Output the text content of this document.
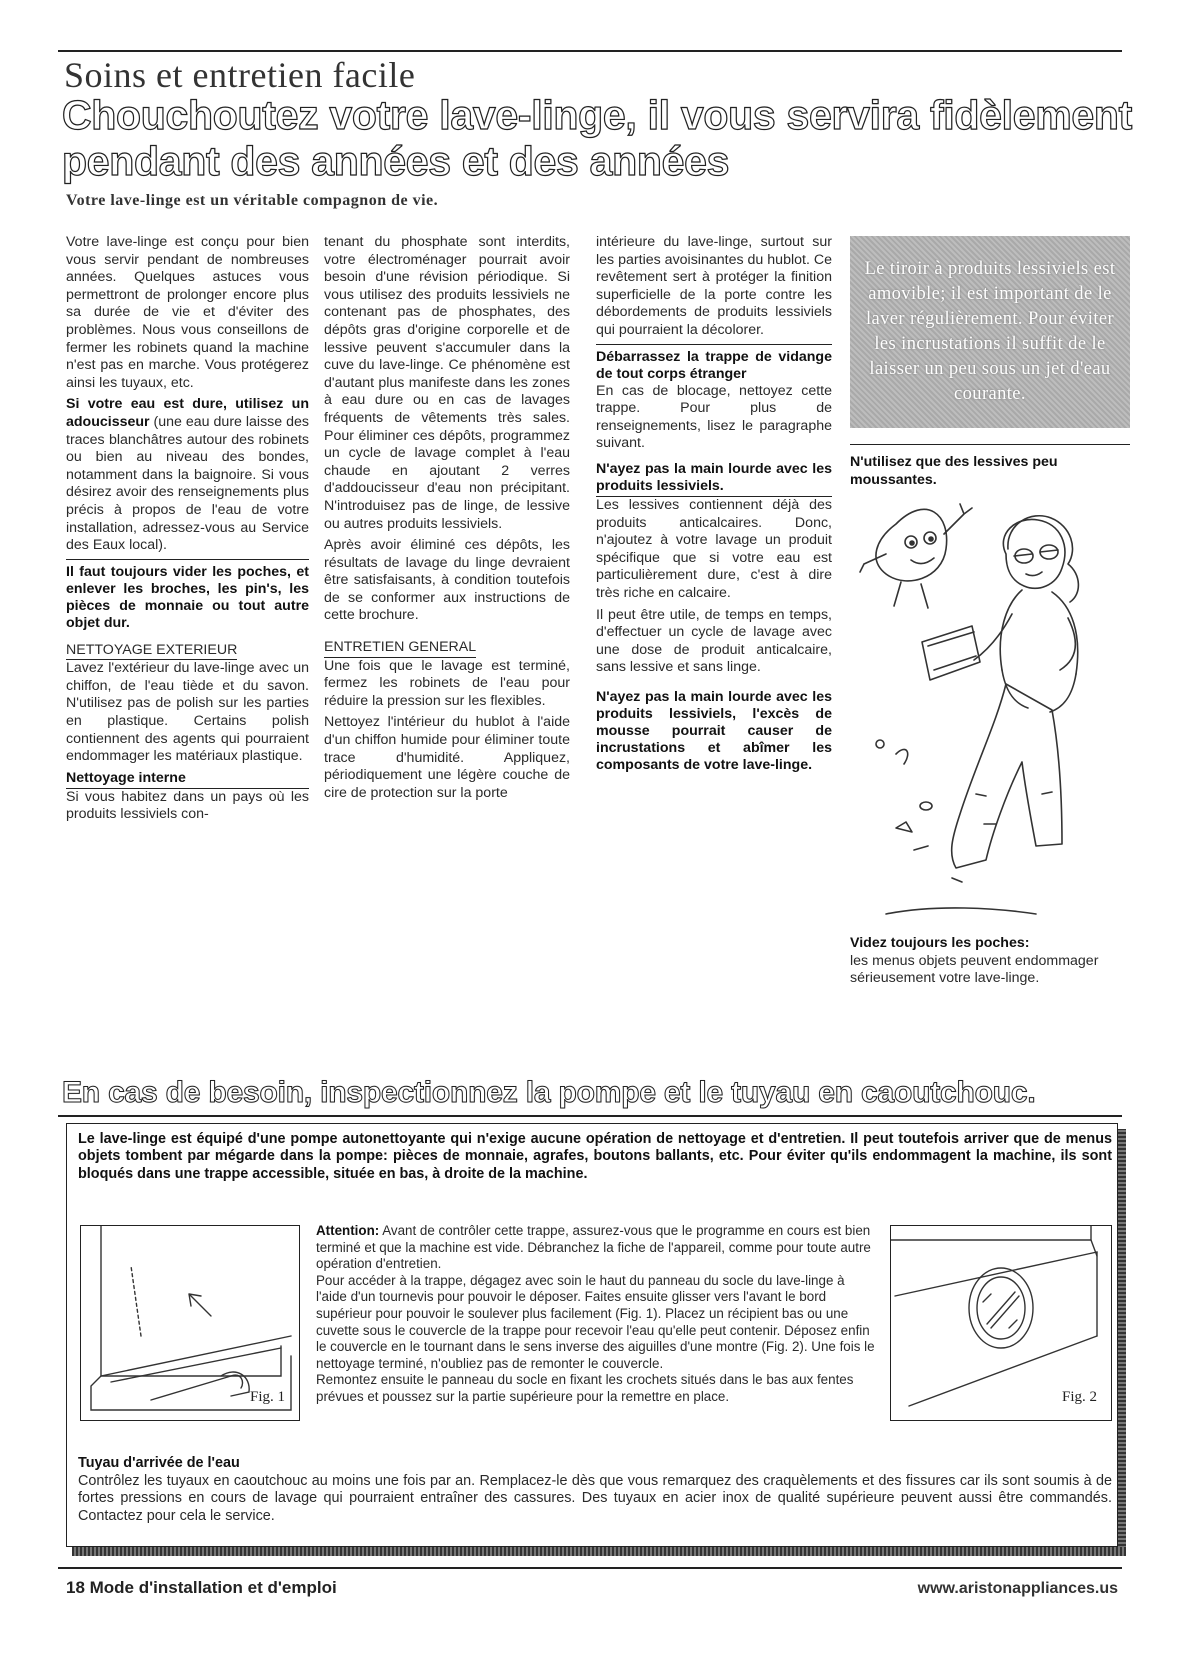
Soins et entretien facile
Chouchoutez votre lave-linge, il vous servira fidèlement pendant des années et des années
Votre lave-linge est un véritable compagnon de vie.

Votre lave-linge est conçu pour bien vous servir pendant de nombreuses années. Quelques astuces vous permettront de prolonger encore plus sa durée de vie et d'éviter des problèmes. Nous vous conseillons de fermer les robinets quand la machine n'est pas en marche. Vous protégerez ainsi les tuyaux, etc.

Si votre eau est dure, utilisez un adoucisseur (une eau dure laisse des traces blanchâtres autour des robinets ou bien au niveau des bondes, notamment dans la baignoire. Si vous désirez avoir des renseignements plus précis à propos de l'eau de votre installation, adressez-vous au Service des Eaux local).

Il faut toujours vider les poches, et enlever les broches, les pin's, les pièces de monnaie ou tout autre objet dur.
NETTOYAGE EXTERIEUR

Lavez l'extérieur du lave-linge avec un chiffon, de l'eau tiède et du savon. N'utilisez pas de polish sur les parties en plastique. Certains polish contiennent des agents qui pourraient endommager les matériaux plastique.

Nettoyage interne

Si vous habitez dans un pays où les produits lessiviels con-

tenant du phosphate sont interdits, votre électroménager pourrait avoir besoin d'une révision périodique. Si vous utilisez des produits lessiviels ne contenant pas de phosphates, des dépôts gras d'origine corporelle et de lessive peuvent s'accumuler dans la cuve du lave-linge. Ce phénomène est d'autant plus manifeste dans les zones à eau dure ou en cas de lavages fréquents de vêtements très sales. Pour éliminer ces dépôts, programmez un cycle de lavage complet à l'eau chaude en ajoutant 2 verres d'addoucisseur d'eau non précipitant. N'introduisez pas de linge, de lessive ou autres produits lessiviels.

Après avoir éliminé ces dépôts, les résultats de lavage du linge devraient être satisfaisants, à condition toutefois de se conformer aux instructions de cette brochure.

ENTRETIEN GENERAL

Une fois que le lavage est terminé, fermez les robinets de l'eau pour réduire la pression sur les flexibles.

Nettoyez l'intérieur du hublot à l'aide d'un chiffon humide pour éliminer toute trace d'humidité. Appliquez, périodiquement une légère couche de cire de protection sur la porte

intérieure du lave-linge, surtout sur les parties avoisinantes du hublot. Ce revêtement sert à protéger la finition superficielle de la porte contre les débordements de produits lessiviels qui pourraient la décolorer.

Débarrassez la trappe de vidange de tout corps étranger

En cas de blocage, nettoyez cette trappe. Pour plus de renseignements, lisez le paragraphe suivant.

N'ayez pas la main lourde avec les produits lessiviels.

Les lessives contiennent déjà des produits anticalcaires. Donc, n'ajoutez à votre lavage un produit spécifique que si votre eau est particulièrement dure, c'est à dire très riche en calcaire.

Il peut être utile, de temps en temps, d'effectuer un cycle de lavage avec une dose de produit anticalcaire, sans lessive et sans linge.

N'ayez pas la main lourde avec les produits lessiviels, l'excès de mousse pourrait causer de incrustations et abîmer les composants de votre lave-linge.
Le tiroir à produits lessiviels est amovible; il est important de le laver régulièrement. Pour éviter les incrustations il suffit de le laisser un peu sous un jet d'eau courante.
N'utilisez que des lessives peu moussantes.
Videz toujours les poches:
les menus objets peuvent endommager sérieusement votre lave-linge.
En cas de besoin, inspectionnez la pompe et le tuyau en caoutchouc.
Le lave-linge est équipé d'une pompe autonettoyante qui n'exige aucune opération de nettoyage et d'entretien. Il peut toutefois arriver que de menus objets tombent par mégarde dans la pompe: pièces de monnaie, agrafes, boutons ballants, etc. Pour éviter qu'ils endommagent la machine, ils sont bloqués dans une trappe accessible, située en bas, à droite de la machine.
Fig. 1

Attention: Avant de contrôler cette trappe, assurez-vous que le programme en cours est bien terminé et que la machine est vide. Débranchez la fiche de l'appareil, comme pour toute autre opération d'entretien.

Pour accéder à la trappe, dégagez avec soin le haut du panneau du socle du lave-linge à l'aide d'un tournevis pour pouvoir le déposer. Faites ensuite glisser vers l'avant le bord supérieur pour pouvoir le soulever plus facilement (Fig. 1). Placez un récipient bas ou une cuvette sous le couvercle de la trappe pour recevoir l'eau qu'elle peut contenir. Déposez enfin le couvercle en le tournant dans le sens inverse des aiguilles d'une montre (Fig. 2). Une fois le nettoyage terminé, n'oubliez pas de remonter le couvercle.

Remontez ensuite le panneau du socle en fixant les crochets situés dans le bas aux fentes prévues et poussez sur la partie supérieure pour la remettre en place.	Fig. 2
Tuyau d'arrivée de l'eau
Contrôlez les tuyaux en caoutchouc au moins une fois par an. Remplacez-le dès que vous remarquez des craquèlements et des fissures car ils sont soumis à de fortes pressions en cours de lavage qui pourraient entraîner des cassures. Des tuyaux en acier inox de qualité supérieure peuvent aussi être commandés. Contactez pour cela le service.
18 Mode d'installation et d'emploi	www.aristonappliances.us
